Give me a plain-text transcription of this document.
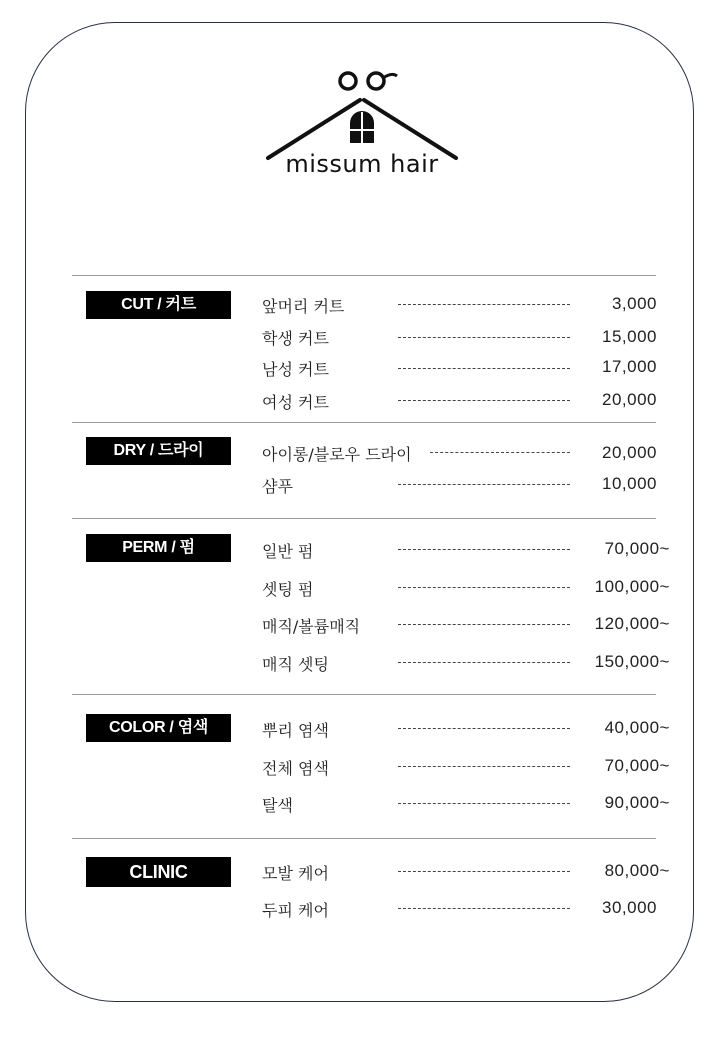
missum hair
CUT / 커트	앞머리 커트	3,000
학생 커트	15,000
남성 커트	17,000
여성 커트	20,000
DRY / 드라이	아이롱/블로우 드라이	20,000
샴푸	10,000
PERM / 펌	일반 펌	70,000~
셋팅 펌	100,000~
매직/볼륨매직	120,000~
매직 셋팅	150,000~
COLOR / 염색	뿌리 염색	40,000~
전체 염색	70,000~
탈색	90,000~
CLINIC	모발 케어	80,000~
두피 케어	30,000
